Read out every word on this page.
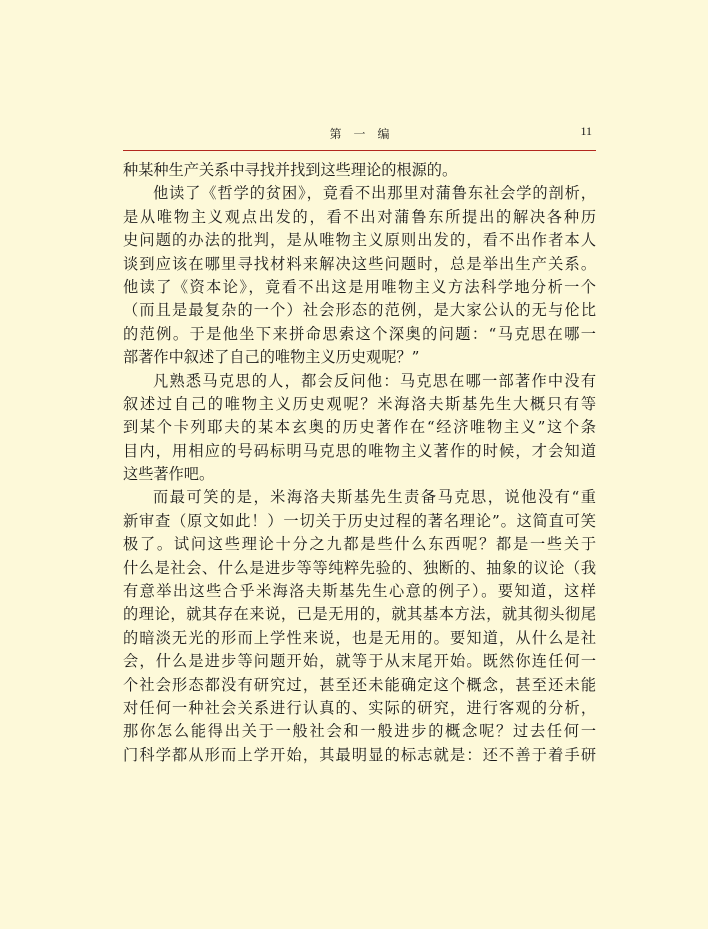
第一编	11
种某种生产关系中寻找并找到这些理论的根源的。
他读了《哲学的贫困》，竟看不出那里对蒲鲁东社会学的剖析，
是从唯物主义观点出发的，看不出对蒲鲁东所提出的解决各种历
史问题的办法的批判，是从唯物主义原则出发的，看不出作者本人
谈到应该在哪里寻找材料来解决这些问题时，总是举出生产关系。
他读了《资本论》，竟看不出这是用唯物主义方法科学地分析一个
（而且是最复杂的一个）社会形态的范例，是大家公认的无与伦比
的范例。于是他坐下来拼命思索这个深奥的问题：“马克思在哪一
部著作中叙述了自己的唯物主义历史观呢？”
凡熟悉马克思的人，都会反问他：马克思在哪一部著作中没有
叙述过自己的唯物主义历史观呢？米海洛夫斯基先生大概只有等
到某个卡列耶夫的某本玄奥的历史著作在“经济唯物主义”这个条
目内，用相应的号码标明马克思的唯物主义著作的时候，才会知道
这些著作吧。
而最可笑的是，米海洛夫斯基先生责备马克思，说他没有“重
新审查（原文如此！）一切关于历史过程的著名理论”。这简直可笑
极了。试问这些理论十分之九都是些什么东西呢？都是一些关于
什么是社会、什么是进步等等纯粹先验的、独断的、抽象的议论（我
有意举出这些合乎米海洛夫斯基先生心意的例子）。要知道，这样
的理论，就其存在来说，已是无用的，就其基本方法，就其彻头彻尾
的暗淡无光的形而上学性来说，也是无用的。要知道，从什么是社
会，什么是进步等问题开始，就等于从末尾开始。既然你连任何一
个社会形态都没有研究过，甚至还未能确定这个概念，甚至还未能
对任何一种社会关系进行认真的、实际的研究，进行客观的分析，
那你怎么能得出关于一般社会和一般进步的概念呢？过去任何一
门科学都从形而上学开始，其最明显的标志就是：还不善于着手研
